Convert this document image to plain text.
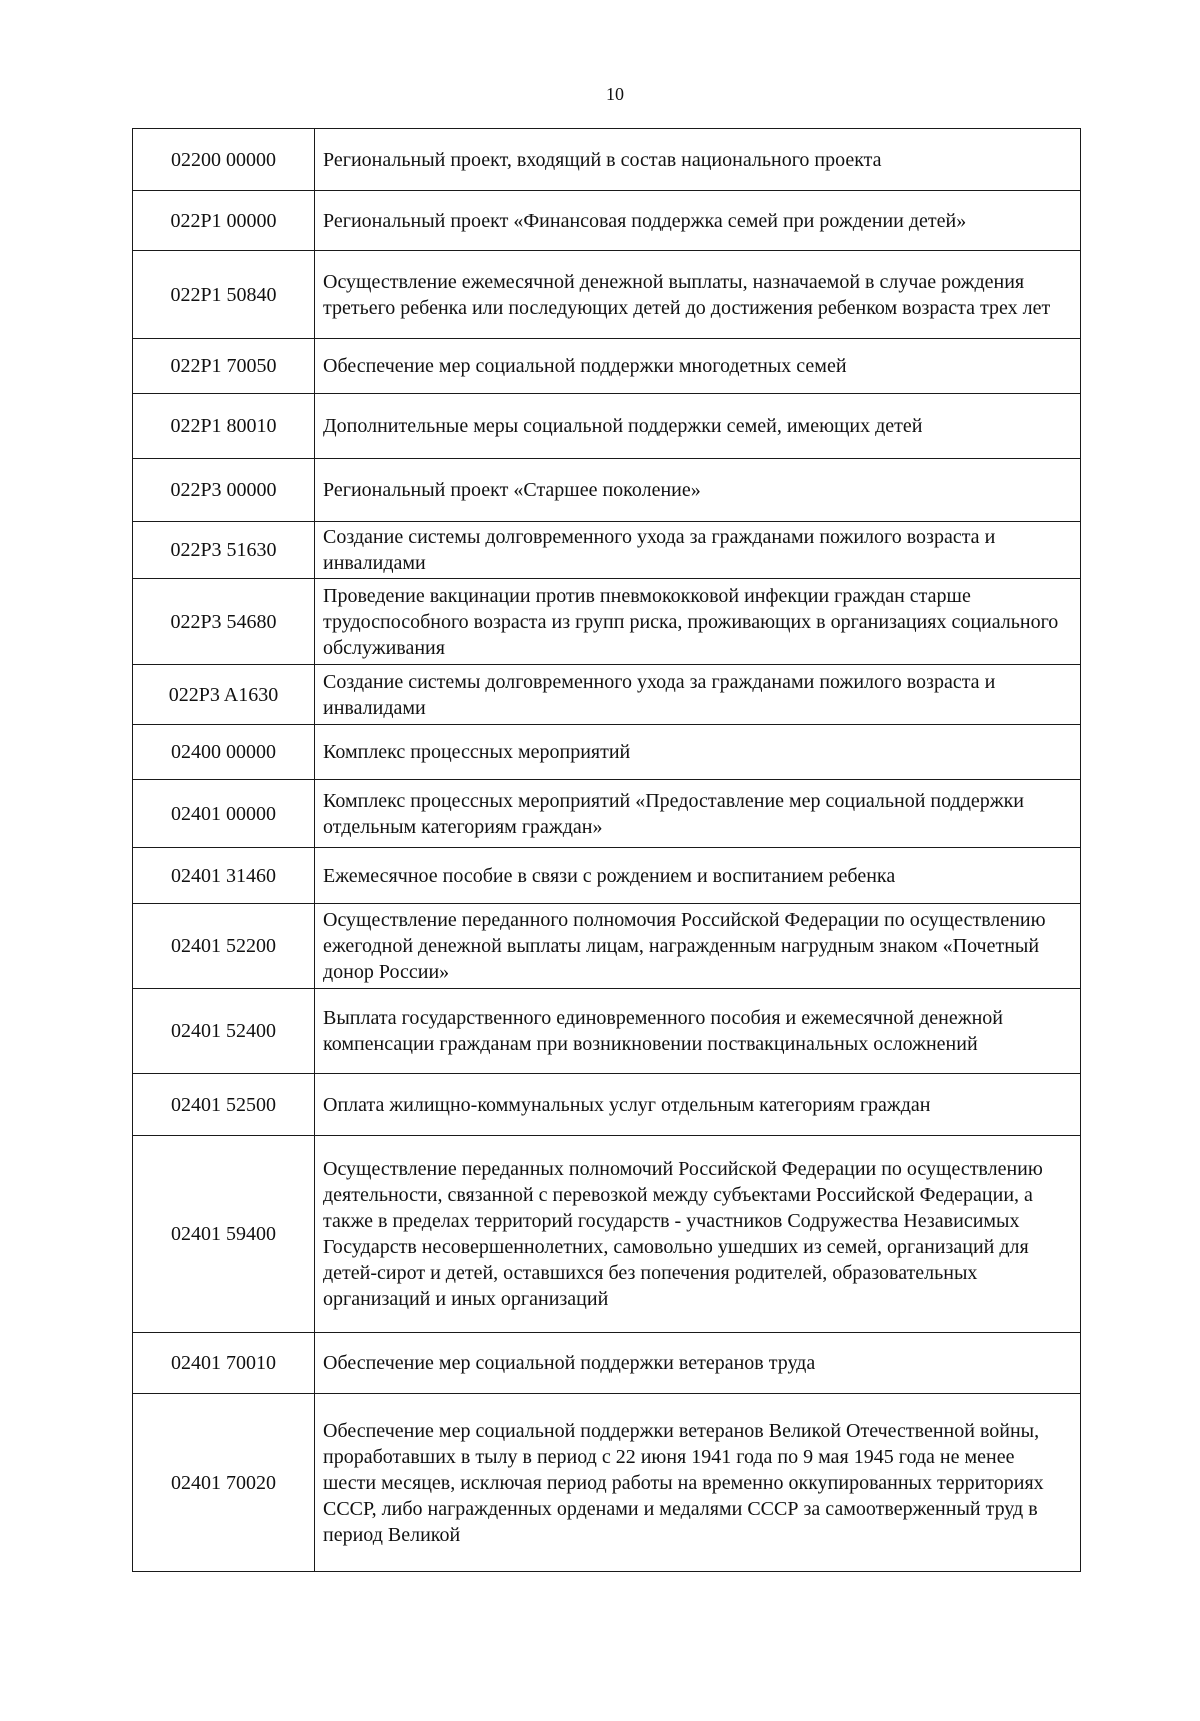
10
02200 00000	Региональный проект, входящий в состав национального проекта
022P1 00000	Региональный проект «Финансовая поддержка семей при рождении детей»
022P1 50840	Осуществление ежемесячной денежной выплаты, назначаемой в случае рождения третьего ребенка или последующих детей до достижения ребенком возраста трех лет
022P1 70050	Обеспечение мер социальной поддержки многодетных семей
022P1 80010	Дополнительные меры социальной поддержки семей, имеющих детей
022P3 00000	Региональный проект «Старшее поколение»
022P3 51630	Создание системы долговременного ухода за гражданами пожилого возраста и инвалидами
022P3 54680	Проведение вакцинации против пневмококковой инфекции граждан старше трудоспособного возраста из групп риска, проживающих в организациях социального обслуживания
022P3 A1630	Создание системы долговременного ухода за гражданами пожилого возраста и инвалидами
02400 00000	Комплекс процессных мероприятий
02401 00000	Комплекс процессных мероприятий «Предоставление мер социальной поддержки отдельным категориям граждан»
02401 31460	Ежемесячное пособие в связи с рождением и воспитанием ребенка
02401 52200	Осуществление переданного полномочия Российской Федерации по осуществлению ежегодной денежной выплаты лицам, награжденным нагрудным знаком «Почетный донор России»
02401 52400	Выплата государственного единовременного пособия и ежемесячной денежной компенсации гражданам при возникновении поствакцинальных осложнений
02401 52500	Оплата жилищно-коммунальных услуг отдельным категориям граждан
02401 59400	Осуществление переданных полномочий Российской Федерации по осуществлению деятельности, связанной с перевозкой между субъектами Российской Федерации, а также в пределах территорий государств - участников Содружества Независимых Государств несовершеннолетних, самовольно ушедших из семей, организаций для детей-сирот и детей, оставшихся без попечения родителей, образовательных организаций и иных организаций
02401 70010	Обеспечение мер социальной поддержки ветеранов труда
02401 70020	Обеспечение мер социальной поддержки ветеранов Великой Отечественной войны, проработавших в тылу в период с 22 июня 1941 года по 9 мая 1945 года не менее шести месяцев, исключая период работы на временно оккупированных территориях СССР, либо награжденных орденами и медалями СССР за самоотверженный труд в период Великой
